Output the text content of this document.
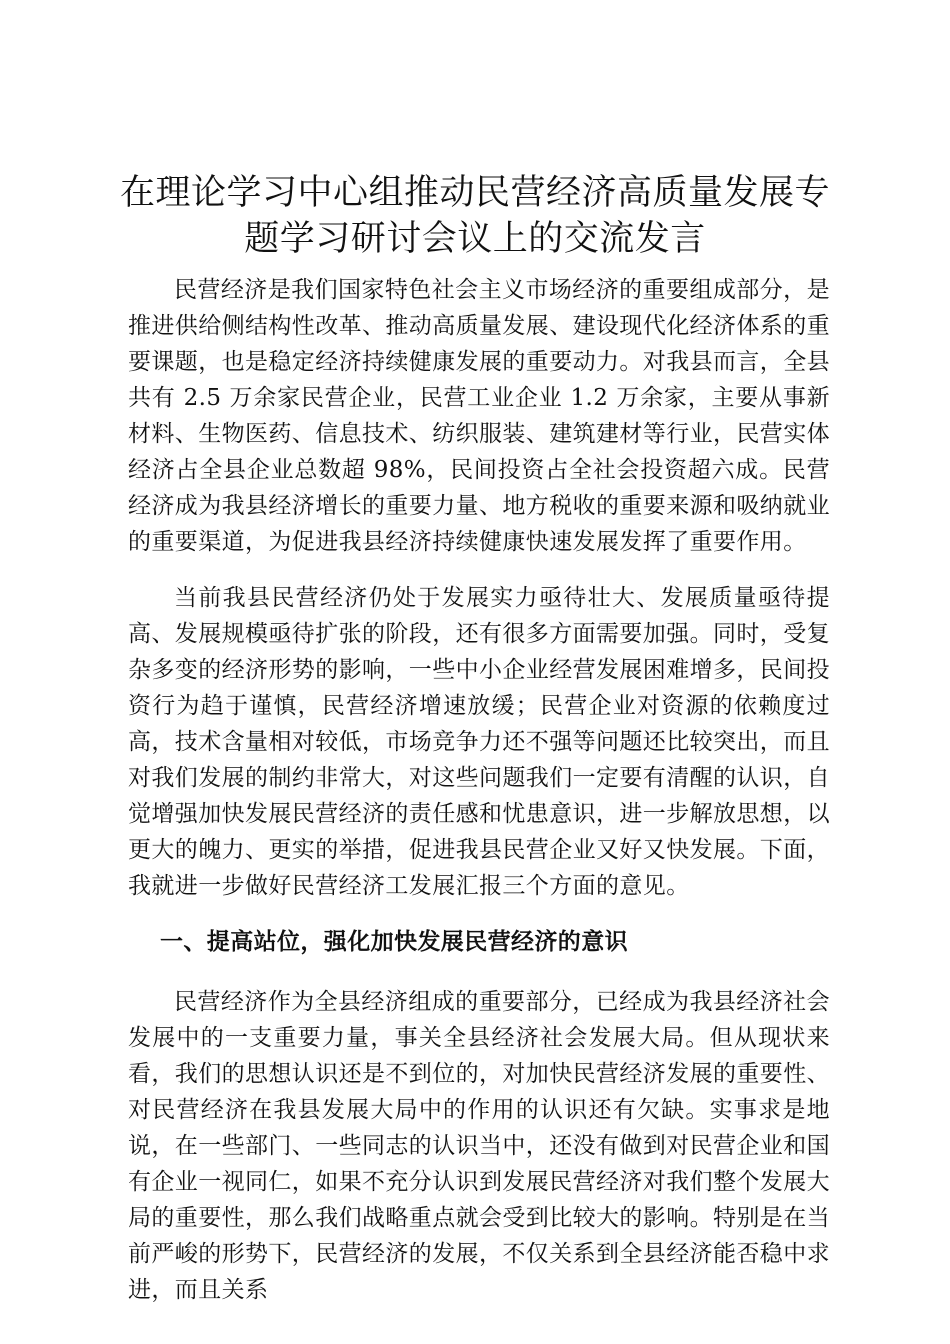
在理论学习中心组推动民营经济高质量发展专题学习研讨会议上的交流发言

民营经济是我们国家特色社会主义市场经济的重要组成部分，是推进供给侧结构性改革、推动高质量发展、建设现代化经济体系的重要课题，也是稳定经济持续健康发展的重要动力。对我县而言，全县共有 2.5 万余家民营企业，民营工业企业 1.2 万余家，主要从事新材料、生物医药、信息技术、纺织服装、建筑建材等行业，民营实体经济占全县企业总数超 98%，民间投资占全社会投资超六成。民营经济成为我县经济增长的重要力量、地方税收的重要来源和吸纳就业的重要渠道，为促进我县经济持续健康快速发展发挥了重要作用。

当前我县民营经济仍处于发展实力亟待壮大、发展质量亟待提高、发展规模亟待扩张的阶段，还有很多方面需要加强。同时，受复杂多变的经济形势的影响，一些中小企业经营发展困难增多，民间投资行为趋于谨慎，民营经济增速放缓；民营企业对资源的依赖度过高，技术含量相对较低，市场竞争力还不强等问题还比较突出，而且对我们发展的制约非常大，对这些问题我们一定要有清醒的认识，自觉增强加快发展民营经济的责任感和忧患意识，进一步解放思想，以更大的魄力、更实的举措，促进我县民营企业又好又快发展。下面，我就进一步做好民营经济工发展汇报三个方面的意见。

一、提高站位，强化加快发展民营经济的意识

民营经济作为全县经济组成的重要部分，已经成为我县经济社会发展中的一支重要力量，事关全县经济社会发展大局。但从现状来看，我们的思想认识还是不到位的，对加快民营经济发展的重要性、对民营经济在我县发展大局中的作用的认识还有欠缺。实事求是地说，在一些部门、一些同志的认识当中，还没有做到对民营企业和国有企业一视同仁，如果不充分认识到发展民营经济对我们整个发展大局的重要性，那么我们战略重点就会受到比较大的影响。特别是在当前严峻的形势下，民营经济的发展，不仅关系到全县经济能否稳中求进，而且关系
